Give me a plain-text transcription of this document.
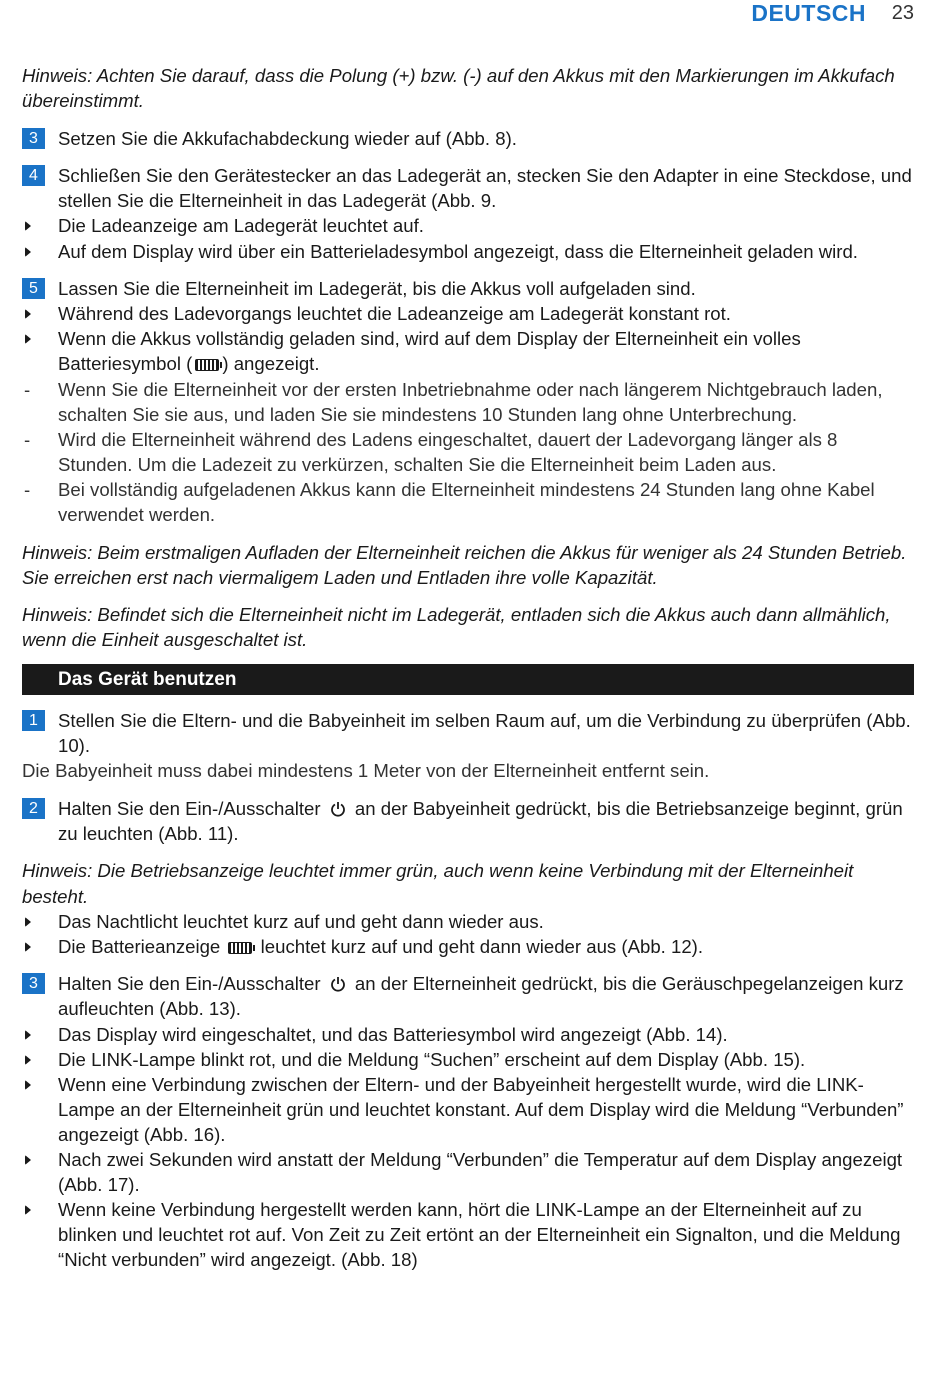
DEUTSCH 23
Hinweis: Achten Sie darauf, dass die Polung (+) bzw. (-) auf den Akkus mit den Markierungen im Akkufach übereinstimmt.
3	Setzen Sie die Akkufachabdeckung wieder auf (Abb. 8).
4	Schließen Sie den Gerätestecker an das Ladegerät an, stecken Sie den Adapter in eine Steckdose, und stellen Sie die Elterneinheit in das Ladegerät (Abb. 9.
Die Ladeanzeige am Ladegerät leuchtet auf.
Auf dem Display wird über ein Batterieladesymbol angezeigt, dass die Elterneinheit geladen wird.
5	Lassen Sie die Elterneinheit im Ladegerät, bis die Akkus voll aufgeladen sind.
Während des Ladevorgangs leuchtet die Ladeanzeige am Ladegerät konstant rot.
Wenn die Akkus vollständig geladen sind, wird auf dem Display der Elterneinheit ein volles Batteriesymbol ( ) angezeigt.
- Wenn Sie die Elterneinheit vor der ersten Inbetriebnahme oder nach längerem Nichtgebrauch laden, schalten Sie sie aus, und laden Sie sie mindestens 10 Stunden lang ohne Unterbrechung.
- Wird die Elterneinheit während des Ladens eingeschaltet, dauert der Ladevorgang länger als 8 Stunden. Um die Ladezeit zu verkürzen, schalten Sie die Elterneinheit beim Laden aus.
- Bei vollständig aufgeladenen Akkus kann die Elterneinheit mindestens 24 Stunden lang ohne Kabel verwendet werden.
Hinweis: Beim erstmaligen Aufladen der Elterneinheit reichen die Akkus für weniger als 24 Stunden Betrieb. Sie erreichen erst nach viermaligem Laden und Entladen ihre volle Kapazität.
Hinweis: Befindet sich die Elterneinheit nicht im Ladegerät, entladen sich die Akkus auch dann allmählich, wenn die Einheit ausgeschaltet ist.
Das Gerät benutzen
1	Stellen Sie die Eltern- und die Babyeinheit im selben Raum auf, um die Verbindung zu überprüfen (Abb. 10).
Die Babyeinheit muss dabei mindestens 1 Meter von der Elterneinheit entfernt sein.
2	Halten Sie den Ein-/Ausschalter an der Babyeinheit gedrückt, bis die Betriebsanzeige beginnt, grün zu leuchten (Abb. 11).
Hinweis: Die Betriebsanzeige leuchtet immer grün, auch wenn keine Verbindung mit der Elterneinheit besteht.
Das Nachtlicht leuchtet kurz auf und geht dann wieder aus.
Die Batterieanzeige leuchtet kurz auf und geht dann wieder aus (Abb. 12).
3	Halten Sie den Ein-/Ausschalter an der Elterneinheit gedrückt, bis die Geräuschpegelanzeigen kurz aufleuchten (Abb. 13).
Das Display wird eingeschaltet, und das Batteriesymbol wird angezeigt (Abb. 14).
Die LINK-Lampe blinkt rot, und die Meldung “Suchen” erscheint auf dem Display (Abb. 15).
Wenn eine Verbindung zwischen der Eltern- und der Babyeinheit hergestellt wurde, wird die LINK-Lampe an der Elterneinheit grün und leuchtet konstant. Auf dem Display wird die Meldung “Verbunden” angezeigt (Abb. 16).
Nach zwei Sekunden wird anstatt der Meldung “Verbunden” die Temperatur auf dem Display angezeigt (Abb. 17).
Wenn keine Verbindung hergestellt werden kann, hört die LINK-Lampe an der Elterneinheit auf zu blinken und leuchtet rot auf. Von Zeit zu Zeit ertönt an der Elterneinheit ein Signalton, und die Meldung “Nicht verbunden” wird angezeigt. (Abb. 18)
